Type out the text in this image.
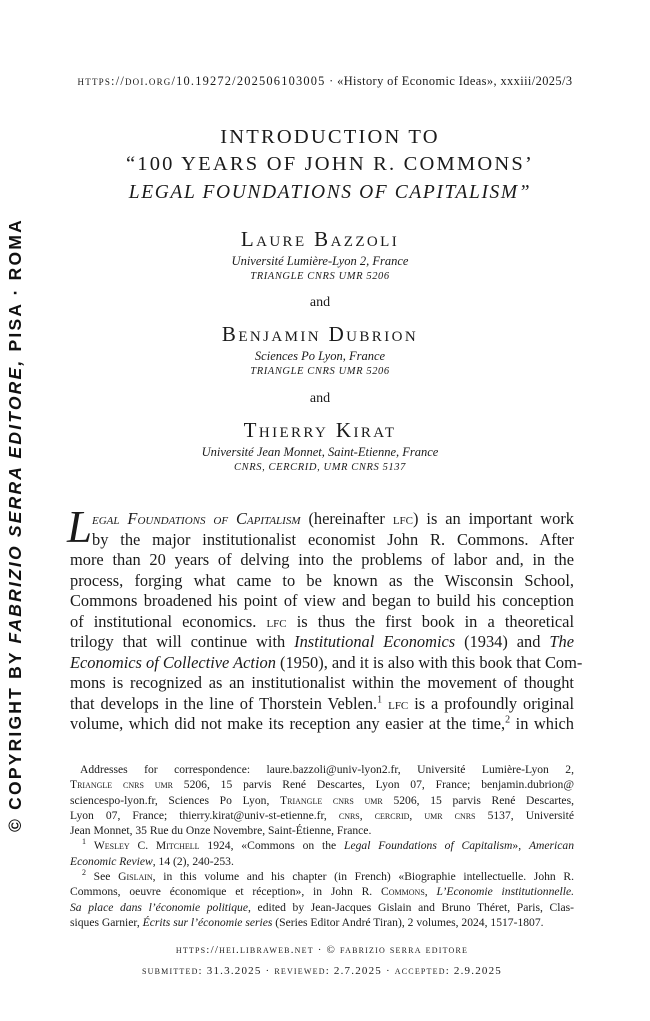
© COPYRIGHT BY FABRIZIO SERRA EDITORE, PISA · ROMA
https://doi.org/10.19272/202506103005 · «History of Economic Ideas», xxxiii/2025/3
INTRODUCTION TO
“100 YEARS OF JOHN R. COMMONS’
LEGAL FOUNDATIONS OF CAPITALISM”
Laure Bazzoli
Université Lumière-Lyon 2, France
TRIANGLE CNRS UMR 5206
and
Benjamin Dubrion
Sciences Po Lyon, France
TRIANGLE CNRS UMR 5206
and
Thierry Kirat
Université Jean Monnet, Saint-Etienne, France
CNRS, CERCRID, UMR CNRS 5137
L egal Foundations of Capitalism (hereinafter lfc) is an important work
by the major institutionalist economist John R. Commons. After
more than 20 years of delving into the problems of labor and, in the
process, forging what came to be known as the Wisconsin School,
Commons broadened his point of view and began to build his conception
of institutional economics. lfc is thus the first book in a theoretical
trilogy that will continue with Institutional Economics (1934) and The
Economics of Collective Action (1950), and it is also with this book that Com-
mons is recognized as an institutionalist within the movement of thought
that develops in the line of Thorstein Veblen.$^1$ lfc is a profoundly original
volume, which did not make its reception any easier at the time,$^2$ in which
Addresses for correspondence: laure.bazzoli@univ-lyon2.fr, Université Lumière-Lyon 2,
Triangle cnrs umr 5206, 15 parvis René Descartes, Lyon 07, France; benjamin.dubrion@
sciencespo-lyon.fr, Sciences Po Lyon, Triangle cnrs umr 5206, 15 parvis René Descartes,
Lyon 07, France; thierry.kirat@univ-st-etienne.fr, cnrs, cercrid, umr cnrs 5137, Université
Jean Monnet, 35 Rue du Onze Novembre, Saint-Étienne, France.
$^1$ Wesley C. Mitchell 1924, «Commons on the Legal Foundations of Capitalism», American
Economic Review, 14 (2), 240-253.
$^2$ See Gislain, in this volume and his chapter (in French) «Biographie intellectuelle. John R.
Commons, oeuvre économique et réception», in John R. Commons, L’Economie institutionnelle.
Sa place dans l’économie politique, edited by Jean-Jacques Gislain and Bruno Théret, Paris, Clas-
siques Garnier, Écrits sur l’économie series (Series Editor André Tiran), 2 volumes, 2024, 1517-1807.
https://hei.libraweb.net · © fabrizio serra editore
submitted: 31.3.2025 · reviewed: 2.7.2025 · accepted: 2.9.2025
